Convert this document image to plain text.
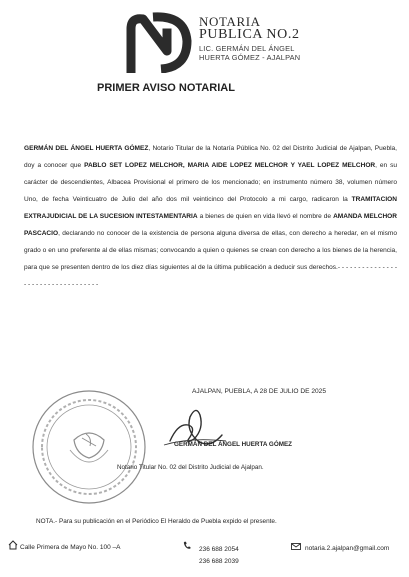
NOTARIA
PUBLICA NO.2
LIC. GERMÁN DEL ÁNGEL
HUERTA GÓMEZ - AJALPAN
PRIMER AVISO NOTARIAL
GERMÁN DEL ÁNGEL HUERTA GÓMEZ, Notario Titular de la Notaría Pública No. 02 del Distrito Judicial de Ajalpan, Puebla, doy a conocer que PABLO SET LOPEZ MELCHOR, MARIA AIDE LOPEZ MELCHOR Y YAEL LOPEZ MELCHOR, en su carácter de descendientes, Albacea Provisional el primero de los mencionado; en instrumento número 38, volumen número Uno, de fecha Veinticuatro de Julio del año dos mil veinticinco del Protocolo a mi cargo, radicaron la TRAMITACION EXTRAJUDICIAL DE LA SUCESION INTESTAMENTARIA a bienes de quien en vida llevó el nombre de AMANDA MELCHOR PASCACIO, declarando no conocer de la existencia de persona alguna diversa de ellas, con derecho a heredar, en el mismo grado o en uno preferente al de ellas mismas; convocando a quien o quienes se crean con derecho a los bienes de la herencia, para que se presenten dentro de los diez días siguientes al de la última publicación a deducir sus derechos.- - - - - - - - - - - - - - - - - - - - - - - - - - - - - - - - - -
AJALPAN, PUEBLA, A 28 DE JULIO DE 2025
GERMÁN DEL ÁNGEL HUERTA GÓMEZ
Notario Titular No. 02 del Distrito Judicial de Ajalpan.
NOTA.- Para su publicación en el Periódico El Heraldo de Puebla expido el presente.
Calle Primera de Mayo No. 100 –A	236 688 2054
236 688 2039
notaria.2.ajalpan@gmail.com
